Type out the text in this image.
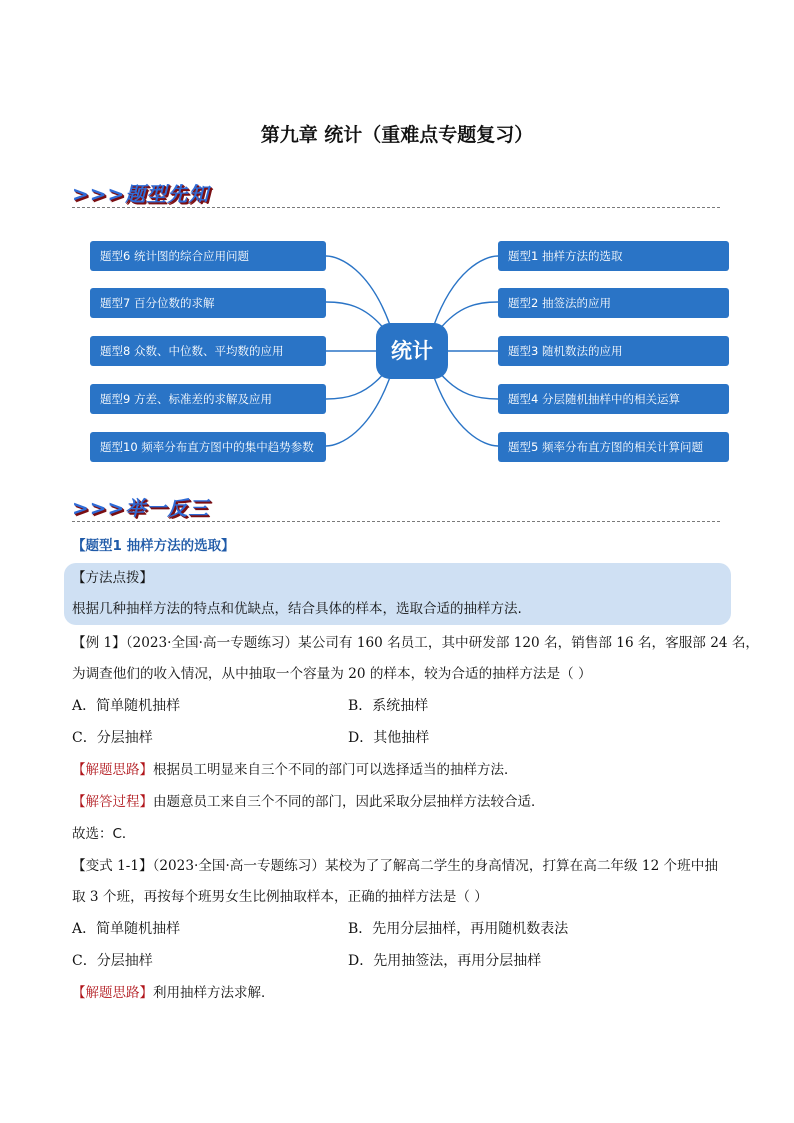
第九章 统计（重难点专题复习）
>>>题型先知
统计
题型6 统计图的综合应用问题
题型7 百分位数的求解
题型8 众数、中位数、平均数的应用
题型9 方差、标准差的求解及应用
题型10 频率分布直方图中的集中趋势参数
题型1 抽样方法的选取
题型2 抽签法的应用
题型3 随机数法的应用
题型4 分层随机抽样中的相关运算
题型5 频率分布直方图的相关计算问题
>>>举一反三
【题型1 抽样方法的选取】
【方法点拨】
根据几种抽样方法的特点和优缺点，结合具体的样本，选取合适的抽样方法.
【例 1】（2023·全国·高一专题练习）某公司有 160 名员工，其中研发部 120 名，销售部 16 名，客服部 24 名，
为调查他们的收入情况，从中抽取一个容量为 20 的样本，较为合适的抽样方法是（ ）
A．简单随机抽样	B．系统抽样
C．分层抽样	D．其他抽样
【解题思路】根据员工明显来自三个不同的部门可以选择适当的抽样方法．
【解答过程】由题意员工来自三个不同的部门，因此采取分层抽样方法较合适．
故选：C．
【变式 1-1】（2023·全国·高一专题练习）某校为了了解高二学生的身高情况，打算在高二年级 12 个班中抽
取 3 个班，再按每个班男女生比例抽取样本，正确的抽样方法是（ ）
A．简单随机抽样	B．先用分层抽样，再用随机数表法
C．分层抽样	D．先用抽签法，再用分层抽样
【解题思路】利用抽样方法求解．
